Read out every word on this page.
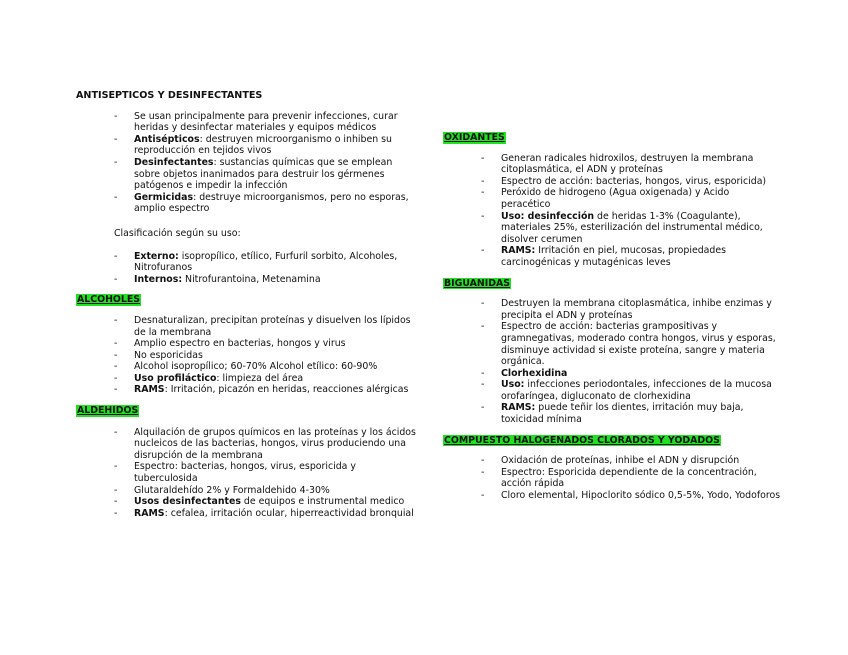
ANTISEPTICOS Y DESINFECTANTES
- Se usan principalmente para prevenir infecciones, curar heridas y desinfectar materiales y equipos médicos
- Antisépticos: destruyen microorganismo o inhiben su reproducción en tejidos vivos
- Desinfectantes: sustancias químicas que se emplean sobre objetos inanimados para destruir los gérmenes patógenos e impedir la infección
- Germicidas: destruye microorganismos, pero no esporas, amplio espectro

Clasificación según su uso:

- Externo: isopropílico, etílico, Furfuril sorbito, Alcoholes, Nitrofuranos
- Internos: Nitrofurantoina, Metenamina
ALCOHOLES
- Desnaturalizan, precipitan proteínas y disuelven los lípidos de la membrana
- Amplio espectro en bacterias, hongos y virus
- No esporicidas
- Alcohol isopropílico; 60-70% Alcohol etílico: 60-90%
- Uso profiláctico: limpieza del área
- RAMS: Irritación, picazón en heridas, reacciones alérgicas
ALDEHIDOS
- Alquilación de grupos químicos en las proteínas y los ácidos nucleicos de las bacterias, hongos, virus produciendo una disrupción de la membrana
- Espectro: bacterias, hongos, virus, esporicida y tuberculosida
- Glutaraldehído 2% y Formaldehido 4-30%
- Usos desinfectantes de equipos e instrumental medico
- RAMS: cefalea, irritación ocular, hiperreactividad bronquial
OXIDANTES
- Generan radicales hidroxilos, destruyen la membrana citoplasmática, el ADN y proteínas
- Espectro de acción: bacterias, hongos, virus, esporicida)
- Peróxido de hidrogeno (Agua oxigenada) y Acido peracético
- Uso: desinfección de heridas 1-3% (Coagulante), materiales 25%, esterilización del instrumental médico, disolver cerumen
- RAMS: Irritación en piel, mucosas, propiedades carcinogénicas y mutagénicas leves
BIGUANIDAS
- Destruyen la membrana citoplasmática, inhibe enzimas y precipita el ADN y proteínas
- Espectro de acción: bacterias grampositivas y gramnegativas, moderado contra hongos, virus y esporas, disminuye actividad si existe proteína, sangre y materia orgánica.
- Clorhexidina
- Uso: infecciones periodontales, infecciones de la mucosa orofaríngea, digluconato de clorhexidina
- RAMS: puede teñir los dientes, irritación muy baja, toxicidad mínima
COMPUESTO HALOGENADOS CLORADOS Y YODADOS
- Oxidación de proteínas, inhibe el ADN y disrupción
- Espectro: Esporicida dependiente de la concentración, acción rápida
- Cloro elemental, Hipoclorito sódico 0,5-5%, Yodo, Yodoforos
